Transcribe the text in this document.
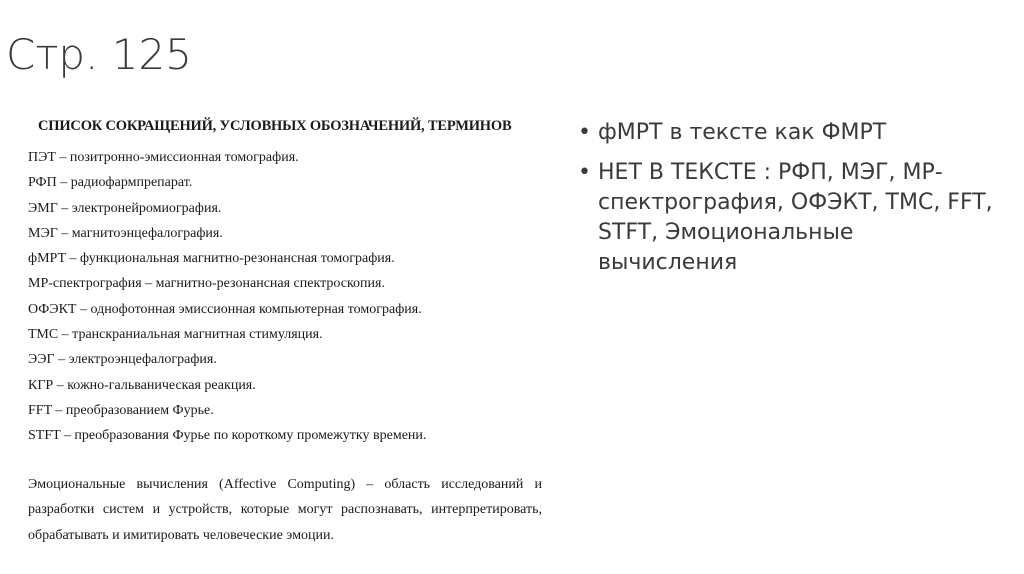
Стр. 125
СПИСОК СОКРАЩЕНИЙ, УСЛОВНЫХ ОБОЗНАЧЕНИЙ, ТЕРМИНОВ
ПЭТ – позитронно-эмиссионная томография.
РФП – радиофармпрепарат.
ЭМГ – электронейромиография.
МЭГ – магнитоэнцефалография.
фМРТ – функциональная магнитно-резонансная томография.
МР-спектрография – магнитно-резонансная спектроскопия.
ОФЭКТ – однофотонная эмиссионная компьютерная томография.
ТМС – транскраниальная магнитная стимуляция.
ЭЭГ – электроэнцефалография.
КГР – кожно-гальваническая реакция.
FFT – преобразованием Фурье.
STFT – преобразования Фурье по короткому промежутку времени.
Эмоциональные вычисления (Affective Computing) – область исследований и разработки систем и устройств, которые могут распознавать, интерпретировать, обрабатывать и имитировать человеческие эмоции.
• фМРТ в тексте как ФМРТ
• НЕТ В ТЕКСТЕ : РФП, МЭГ, МР-спектрография, ОФЭКТ, ТМС, FFT, STFT, Эмоциональные вычисления
